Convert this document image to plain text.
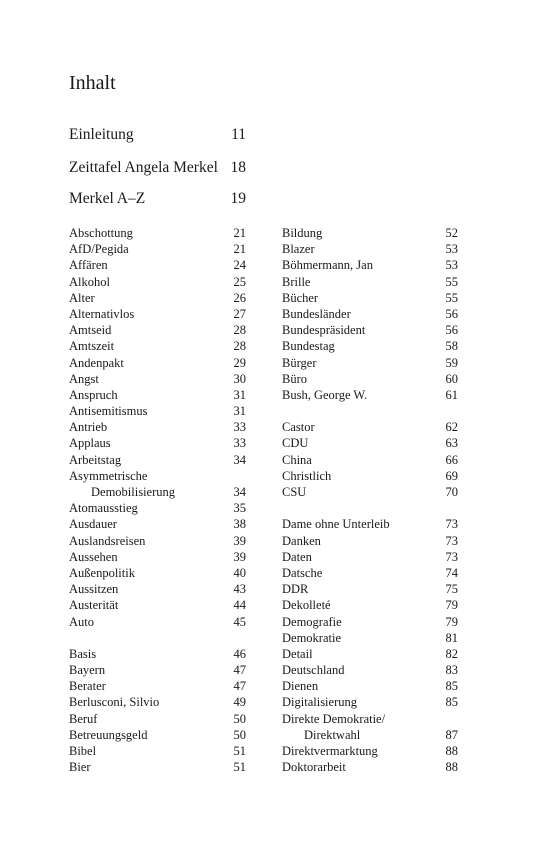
Inhalt
Einleitung	11
Zeittafel Angela Merkel 18
Merkel A–Z	19
Abschottung	21
AfD/Pegida	21
Affären	24
Alkohol	25
Alter	26
Alternativlos	27
Amtseid	28
Amtszeit	28
Andenpakt	29
Angst	30
Anspruch	31
Antisemitismus	31
Antrieb	33
Applaus	33
Arbeitstag	34
Asymmetrische
Demobilisierung	34
Atomausstieg	35
Ausdauer	38
Auslandsreisen	39
Aussehen	39
Außenpolitik	40
Aussitzen	43
Austerität	44
Auto	45
Basis	46
Bayern	47
Berater	47
Berlusconi, Silvio	49
Beruf	50
Betreuungsgeld	50
Bibel	51
Bier	51
Bildung	52
Blazer	53
Böhmermann, Jan	53
Brille	55
Bücher	55
Bundesländer	56
Bundespräsident	56
Bundestag	58
Bürger	59
Büro	60
Bush, George W.	61
Castor	62
CDU	63
China	66
Christlich	69
CSU	70
Dame ohne Unterleib	73
Danken	73
Daten	73
Datsche	74
DDR	75
Dekolleté	79
Demografie	79
Demokratie	81
Detail	82
Deutschland	83
Dienen	85
Digitalisierung	85
Direkte Demokratie/
Direktwahl	87
Direktvermarktung	88
Doktorarbeit	88
